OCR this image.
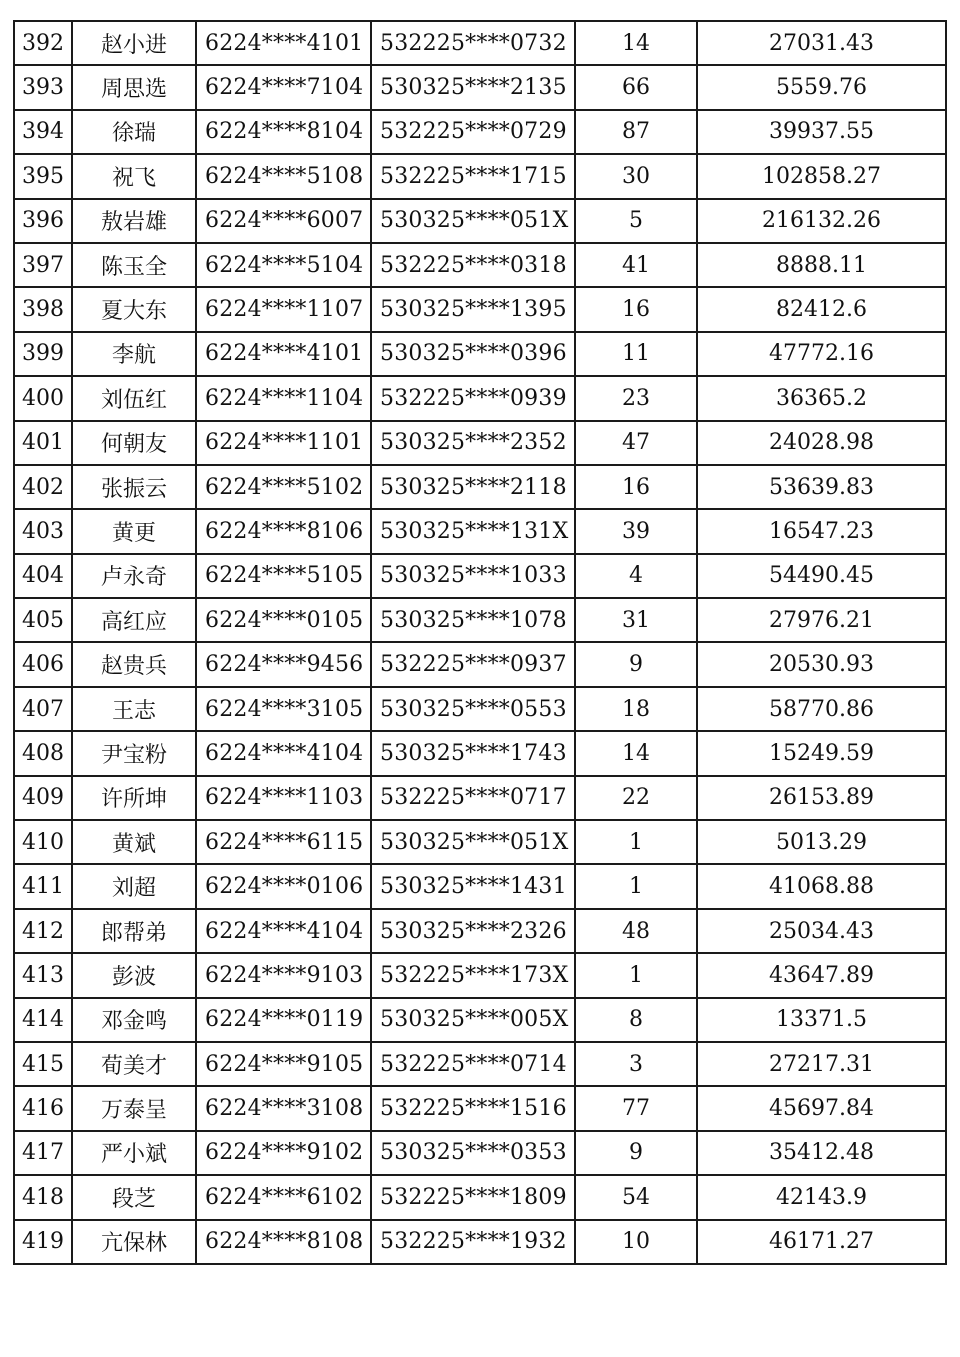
392	赵小进	6224****4101	532225****0732	14	27031.43
393	周思选	6224****7104	530325****2135	66	5559.76
394	徐瑞	6224****8104	532225****0729	87	39937.55
395	祝飞	6224****5108	532225****1715	30	102858.27
396	敖岩雄	6224****6007	530325****051X	5	216132.26
397	陈玉全	6224****5104	532225****0318	41	8888.11
398	夏大东	6224****1107	530325****1395	16	82412.6
399	李航	6224****4101	530325****0396	11	47772.16
400	刘伍红	6224****1104	532225****0939	23	36365.2
401	何朝友	6224****1101	530325****2352	47	24028.98
402	张振云	6224****5102	530325****2118	16	53639.83
403	黄更	6224****8106	530325****131X	39	16547.23
404	卢永奇	6224****5105	530325****1033	4	54490.45
405	高红应	6224****0105	530325****1078	31	27976.21
406	赵贵兵	6224****9456	532225****0937	9	20530.93
407	王志	6224****3105	530325****0553	18	58770.86
408	尹宝粉	6224****4104	530325****1743	14	15249.59
409	许所坤	6224****1103	532225****0717	22	26153.89
410	黄斌	6224****6115	530325****051X	1	5013.29
411	刘超	6224****0106	530325****1431	1	41068.88
412	郎帮弟	6224****4104	530325****2326	48	25034.43
413	彭波	6224****9103	532225****173X	1	43647.89
414	邓金鸣	6224****0119	530325****005X	8	13371.5
415	荀美才	6224****9105	532225****0714	3	27217.31
416	万泰呈	6224****3108	532225****1516	77	45697.84
417	严小斌	6224****9102	530325****0353	9	35412.48
418	段芝	6224****6102	532225****1809	54	42143.9
419	亢保林	6224****8108	532225****1932	10	46171.27
